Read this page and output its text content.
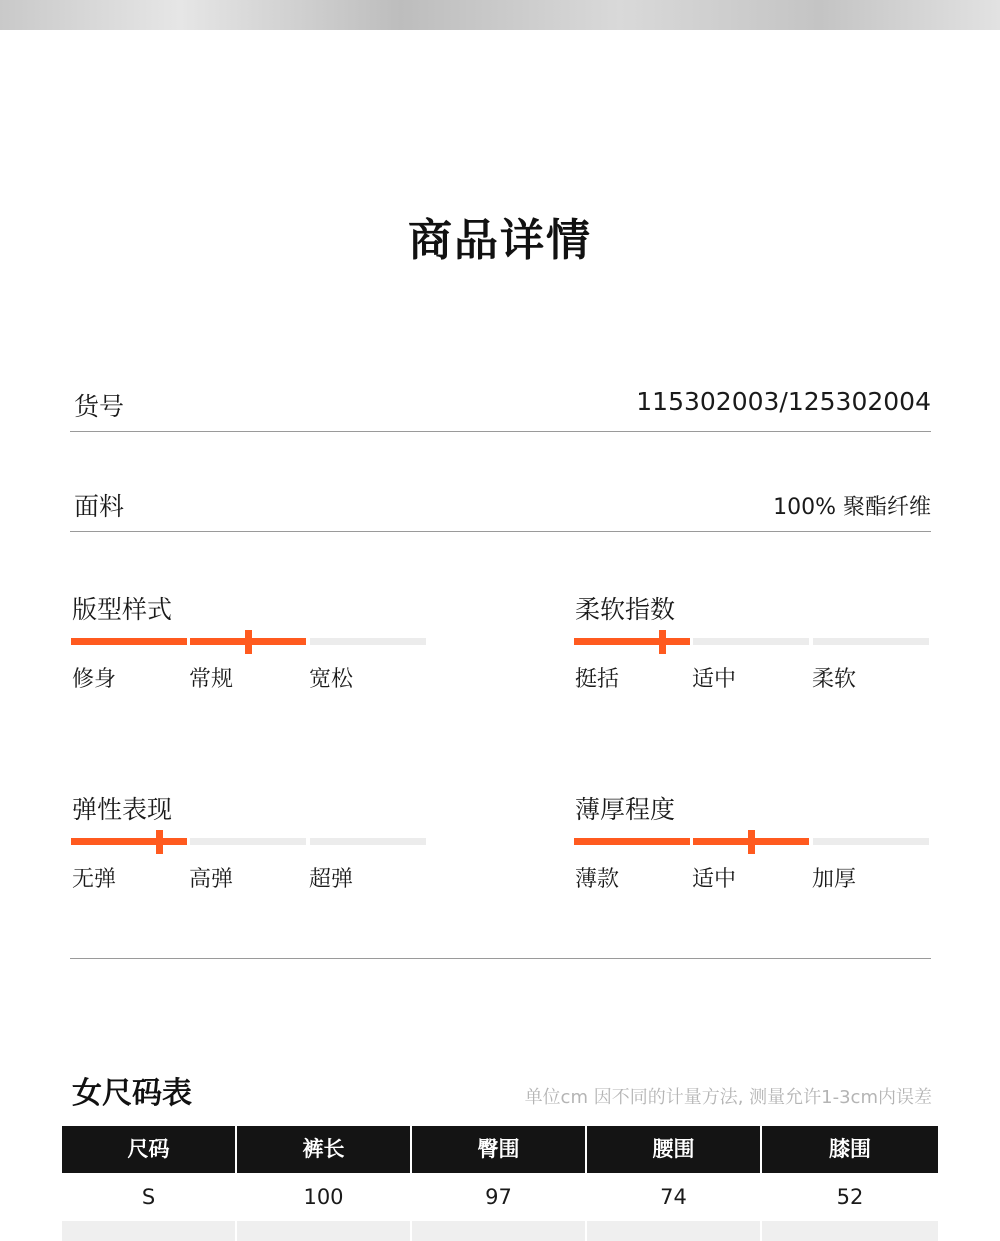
商品详情
货号	115302003/125302004
面料	100% 聚酯纤维
版型样式
修身	常规	宽松
柔软指数
挺括	适中	柔软
弹性表现
无弹	高弹	超弹
薄厚程度
薄款	适中	加厚
女尺码表	单位cm 因不同的计量方法, 测量允许1-3cm内误差
尺码	裤长	臀围	腰围	膝围
S	100	97	74	52
